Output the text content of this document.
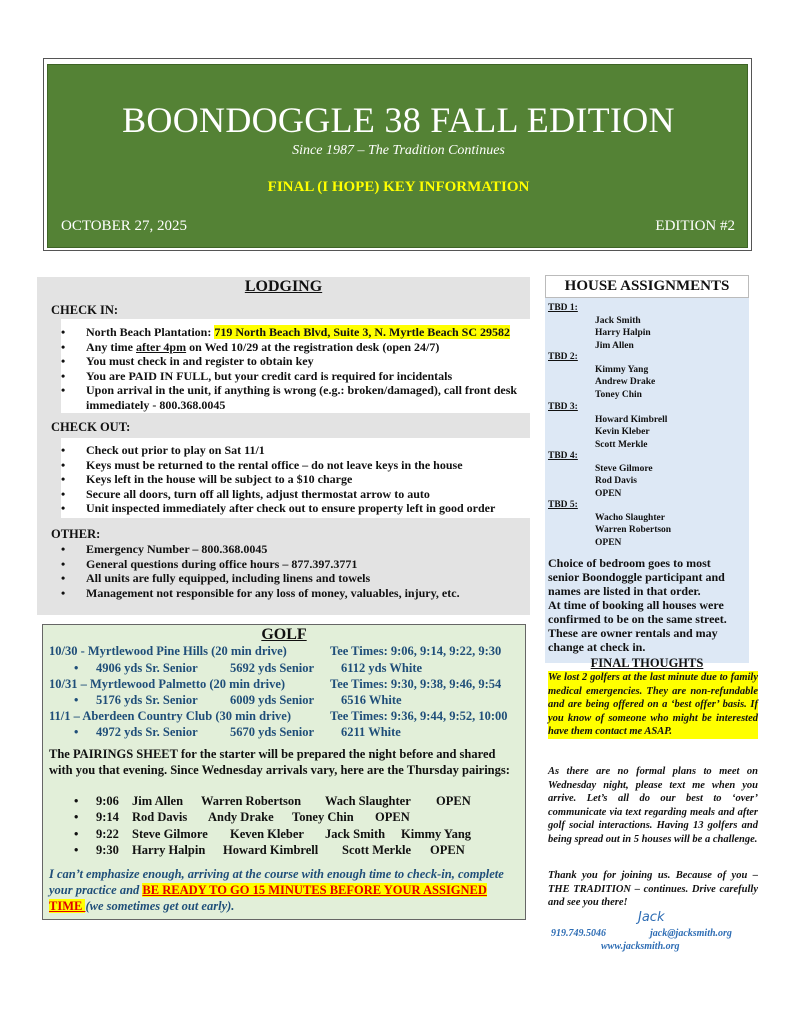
BOONDOGGLE 38 FALL EDITION
Since 1987 – The Tradition Continues
FINAL (I HOPE) KEY INFORMATION
OCTOBER 27, 2025	EDITION #2
LODGING
CHECK IN:
• North Beach Plantation: 719 North Beach Blvd, Suite 3, N. Myrtle Beach SC 29582
• Any time after 4pm on Wed 10/29 at the registration desk (open 24/7)
• You must check in and register to obtain key
• You are PAID IN FULL, but your credit card is required for incidentals
• Upon arrival in the unit, if anything is wrong (e.g.: broken/damaged), call front desk immediately - 800.368.0045
CHECK OUT:
• Check out prior to play on Sat 11/1
• Keys must be returned to the rental office – do not leave keys in the house
• Keys left in the house will be subject to a $10 charge
• Secure all doors, turn off all lights, adjust thermostat arrow to auto
• Unit inspected immediately after check out to ensure property left in good order
OTHER:
• Emergency Number – 800.368.0045
• General questions during office hours – 877.397.3771
• All units are fully equipped, including linens and towels
• Management not responsible for any loss of money, valuables, injury, etc.
HOUSE ASSIGNMENTS
TBD 1:
Jack Smith
Harry Halpin
Jim Allen
TBD 2:
Kimmy Yang
Andrew Drake
Toney Chin
TBD 3:
Howard Kimbrell
Kevin Kleber
Scott Merkle
TBD 4:
Steve Gilmore
Rod Davis
OPEN
TBD 5:
Wacho Slaughter
Warren Robertson
OPEN
Choice of bedroom goes to most senior Boondoggle participant and names are listed in that order.
At time of booking all houses were confirmed to be on the same street. These are owner rentals and may change at check in.
FINAL THOUGHTS
We lost 2 golfers at the last minute due to family medical emergencies. They are non-refundable and are being offered on a ‘best offer’ basis. If you know of someone who might be interested have them contact me ASAP.
As there are no formal plans to meet on Wednesday night, please text me when you arrive. Let’s all do our best to ‘over’ communicate via text regarding meals and after golf social interactions. Having 13 golfers and being spread out in 5 houses will be a challenge.
Thank you for joining us. Because of you – THE TRADITION – continues. Drive carefully and see you there!
Jack
919.749.5046	jack@jacksmith.org
www.jacksmith.org
GOLF
10/30 - Myrtlewood Pine Hills (20 min drive)	Tee Times: 9:06, 9:14, 9:22, 9:30
• 4906 yds Sr. Senior	5692 yds Senior 6112 yds White
10/31 – Myrtlewood Palmetto (20 min drive)	Tee Times: 9:30, 9:38, 9:46, 9:54
• 5176 yds Sr. Senior	6009 yds Senior 6516 White
11/1 – Aberdeen Country Club (30 min drive)	Tee Times: 9:36, 9:44, 9:52, 10:00
• 4972 yds Sr. Senior	5670 yds Senior 6211 White
The PAIRINGS SHEET for the starter will be prepared the night before and shared with you that evening. Since Wednesday arrivals vary, here are the Thursday pairings:
• 9:06 Jim Allen Warren Robertson Wach Slaughter OPEN
• 9:14 Rod Davis Andy Drake Toney Chin OPEN
• 9:22 Steve Gilmore Keven Kleber Jack Smith Kimmy Yang
• 9:30 Harry Halpin Howard Kimbrell Scott Merkle OPEN
I can’t emphasize enough, arriving at the course with enough time to check-in, complete your practice and BE READY TO GO 15 MINUTES BEFORE YOUR ASSIGNED TIME (we sometimes get out early).
